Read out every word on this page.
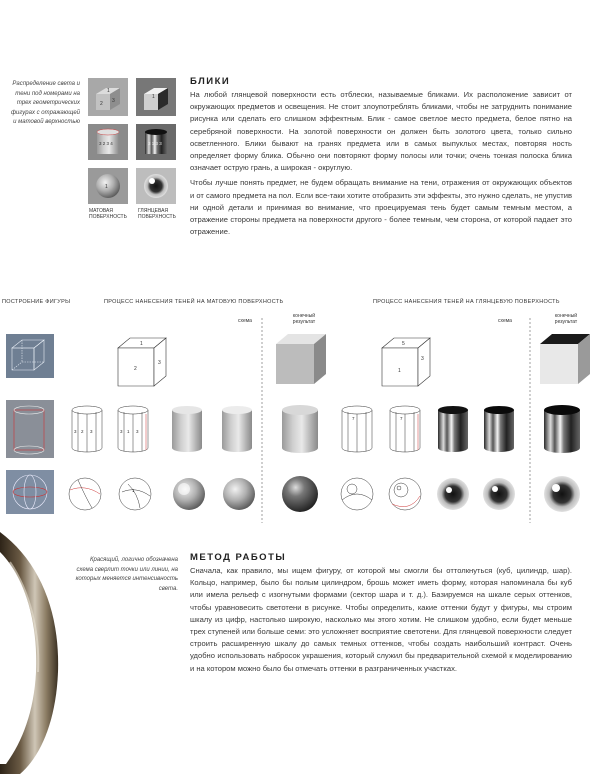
Распределение света и тени под номерами на трех геометрических фигурах с отражающей и матовой верхностью
2 3
1
1
3 2 3 4	3 1 3 3
1
МАТОВАЯ ПОВЕРХНОСТЬ
ГЛЯНЦЕВАЯ ПОВЕРХНОСТЬ
БЛИКИ

На любой глянцевой поверхности есть отблески, называемые бликами. Их расположение зависит от окружающих предметов и освещения. Не стоит злоупотреблять бликами, чтобы не затруднить понимание рисунка или сделать его слишком эффектным. Блик - самое светлое место предмета, белое пятно на серебряной поверхности. На золотой поверхности он должен быть золотого цвета, только сильно осветленного. Блики бывают на гранях предмета или в самых выпуклых местах, повторяя ность определяет форму блика. Обычно они повторяют форму полосы или точки; очень тонкая полоска блика означает острую грань, а широкая - округлую.

Чтобы лучше понять предмет, не будем обращать внимание на тени, отражения от окружающих объектов и от самого предмета на пол. Если все-таки хотите отобразить эти эффекты, это нужно сделать, не упустив ни одной детали и принимая во внимание, что проецируемая тень будет самым темным местом, а отражение стороны предмета на поверхности другого - более темным, чем сторона, от которой падает это отражение.

ПОСТРОЕНИЕ ФИГУРЫ	ПРОЦЕСС НАНЕСЕНИЯ ТЕНЕЙ НА МАТОВУЮ ПОВЕРХНОСТЬ	ПРОЦЕСС НАНЕСЕНИЯ ТЕНЕЙ НА ГЛЯНЦЕВУЮ ПОВЕРХНОСТЬ
схема
конечный результат	схема
конечный результат
2
3
1
1
5
3
3 2 3	3 1 3
7	7
1
Красящий, логично обозначена схема сверлит точки или линии, на которых меняется интенсивность света.
МЕТОД РАБОТЫ
Сначала, как правило, мы ищем фигуру, от которой мы смогли бы оттолкнуться (куб, цилиндр, шар). Кольцо, например, было бы полым цилиндром, брошь может иметь форму, которая напоминала бы куб или имела рельеф с изогнутыми формами (сектор шара и т. д.). Базируемся на шкале серых оттенков, чтобы уравновесить светотени в рисунке. Чтобы определить, какие оттенки будут у фигуры, мы строим шкалу из цифр, настолько широкую, насколько мы этого хотим. Не слишком удобно, если будет меньше трех ступеней или больше семи: это усложняет восприятие светотени. Для глянцевой поверхности следует строить расширенную шкалу до самых темных оттенков, чтобы создать наибольший контраст. Очень удобно использовать набросок украшения, который служил бы предварительной схемой к моделированию и на котором можно было бы отмечать оттенки в разграниченных участках.
